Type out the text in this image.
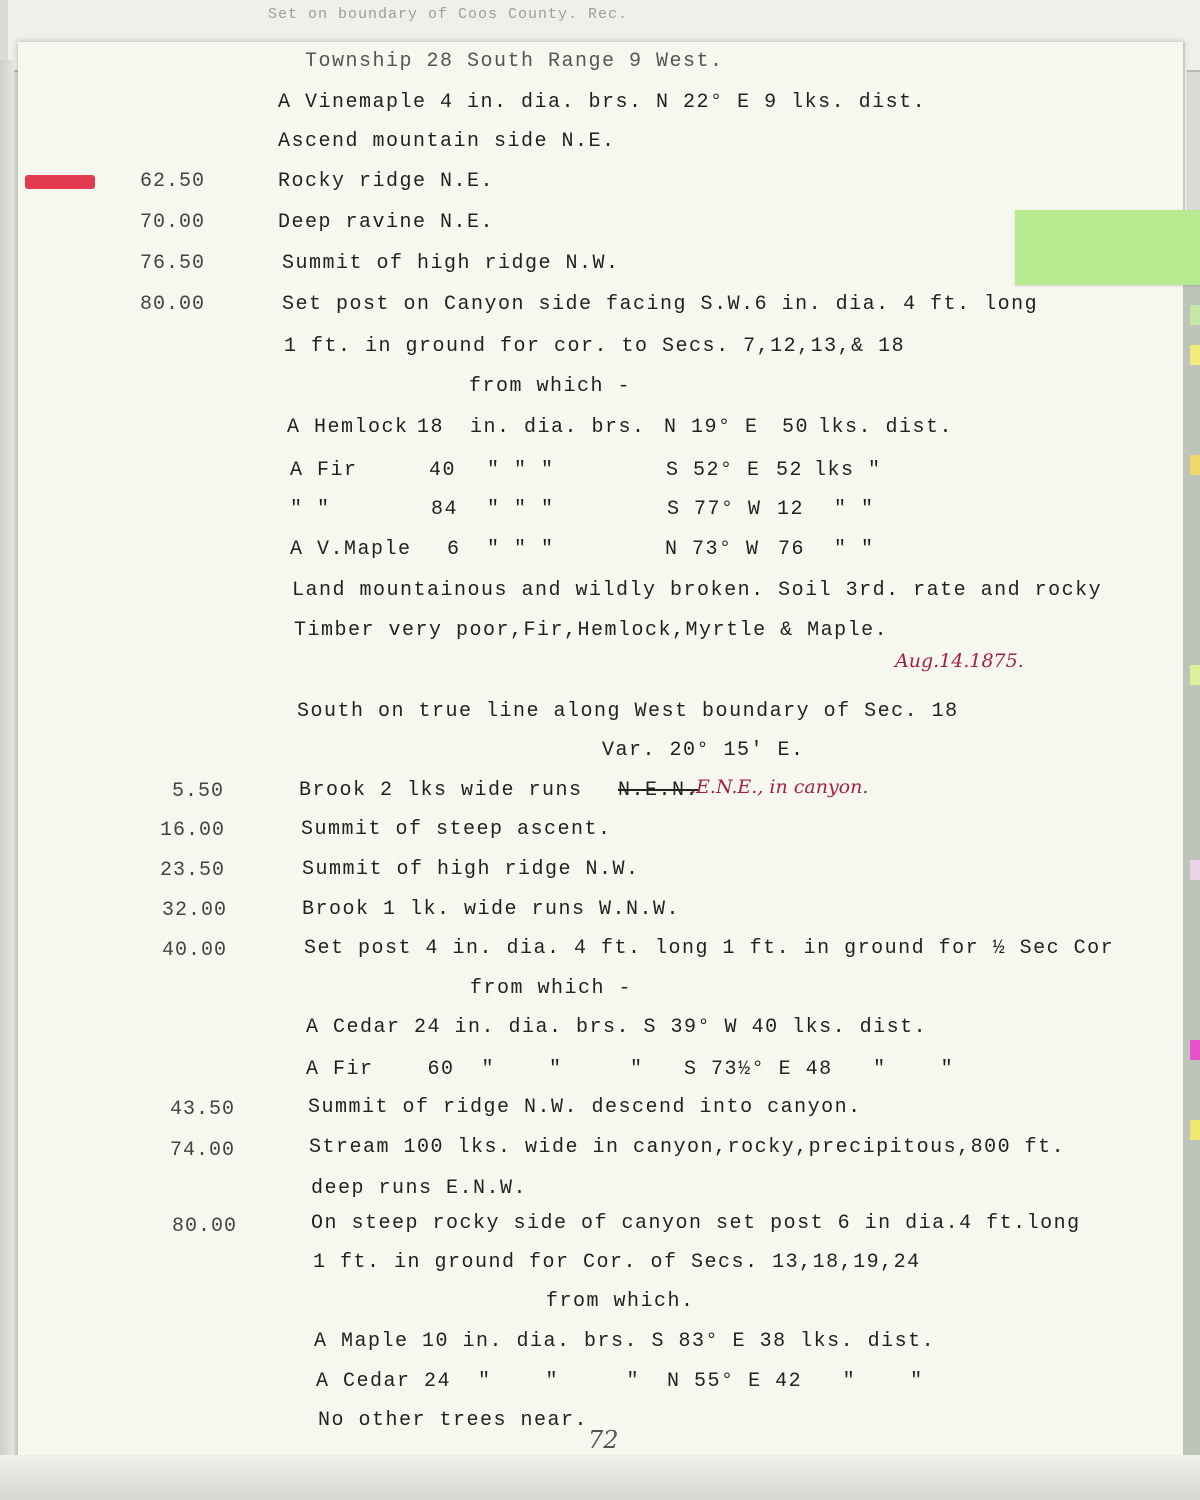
Set on boundary of Coos County. Rec.
Township 28 South Range 9 West.
A Vinemaple 4 in. dia. brs. N 22° E 9 lks. dist.
Ascend mountain side N.E.
62.50	Rocky ridge N.E.
70.00	Deep ravine N.E.
76.50	Summit of high ridge N.W.
80.00	Set post on Canyon side facing S.W.6 in. dia. 4 ft. long
1 ft. in ground for cor. to Secs. 7,12,13,& 18
from which -
A Hemlock 18 in. dia. brs. N 19° E 50 lks. dist.
A Fir	40 " " "	S 52° E 52 lks "
" "	84 " " "	S 77° W 12 " "
A V.Maple 6 " " "	N 73° W 76 " "
Land mountainous and wildly broken. Soil 3rd. rate and rocky
Timber very poor,Fir,Hemlock,Myrtle & Maple.
Aug.14.1875.
South on true line along West boundary of Sec. 18
Var. 20° 15' E.
5.50	Brook 2 lks wide runs N.E.N.
.E.N.E., in canyon.
16.00	Summit of steep ascent.
23.50	Summit of high ridge N.W.
32.00	Brook 1 lk. wide runs W.N.W.
40.00	Set post 4 in. dia. 4 ft. long 1 ft. in ground for ½ Sec Cor
from which -
A Cedar 24 in. dia. brs. S 39° W 40 lks. dist.
A Fir    60  "    "     "   S 73½° E 48   "    "
43.50	Summit of ridge N.W. descend into canyon.
74.00	Stream 100 lks. wide in canyon,rocky,precipitous,800 ft.
deep runs E.N.W.
80.00	On steep rocky side of canyon set post 6 in dia.4 ft.long
1 ft. in ground for Cor. of Secs. 13,18,19,24
from which.
A Maple 10 in. dia. brs. S 83° E 38 lks. dist.
A Cedar 24  "    "     "  N 55° E 42   "    "
No other trees near.
72
